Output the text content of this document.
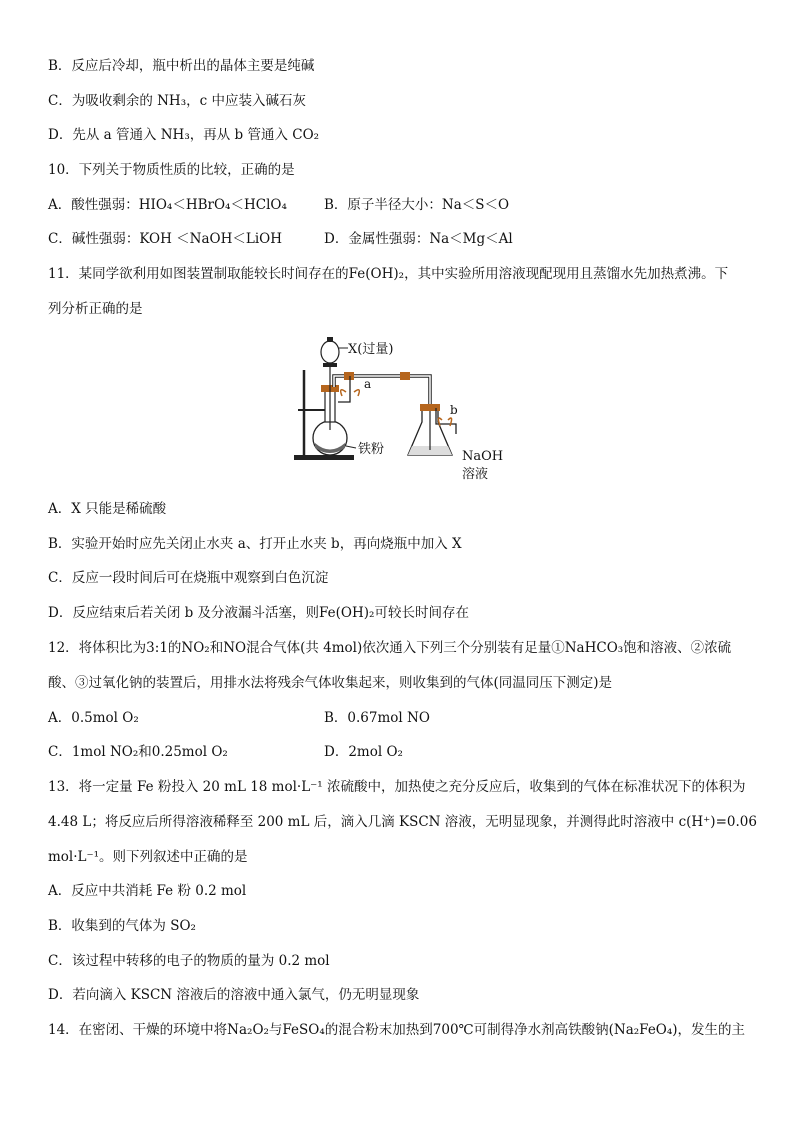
B．反应后冷却，瓶中析出的晶体主要是纯碱
C．为吸收剩余的 NH₃，c 中应装入碱石灰
D．先从 a 管通入 NH₃，再从 b 管通入 CO₂
10．下列关于物质性质的比较，正确的是
A．酸性强弱：HIO₄＜HBrO₄＜HClO₄	B．原子半径大小：Na＜S＜O
C．碱性强弱：KOH ＜NaOH＜LiOH	D．金属性强弱：Na＜Mg＜Al
11．某同学欲利用如图装置制取能较长时间存在的Fe(OH)₂，其中实验所用溶液现配现用且蒸馏水先加热煮沸。下
列分析正确的是
X(过量)
a
b
铁粉	NaOH
溶液
A．X 只能是稀硫酸
B．实验开始时应先关闭止水夹 a、打开止水夹 b，再向烧瓶中加入 X
C．反应一段时间后可在烧瓶中观察到白色沉淀
D．反应结束后若关闭 b 及分液漏斗活塞，则Fe(OH)₂可较长时间存在
12．将体积比为3:1的NO₂和NO混合气体(共 4mol)依次通入下列三个分别装有足量①NaHCO₃饱和溶液、②浓硫
酸、③过氧化钠的装置后，用排水法将残余气体收集起来，则收集到的气体(同温同压下测定)是
A．0.5mol O₂	B．0.67mol NO
C．1mol NO₂和0.25mol O₂	D．2mol O₂
13．将一定量 Fe 粉投入 20 mL 18 mol·L⁻¹ 浓硫酸中，加热使之充分反应后，收集到的气体在标准状况下的体积为
4.48 L；将反应后所得溶液稀释至 200 mL 后，滴入几滴 KSCN 溶液，无明显现象，并测得此时溶液中 c(H⁺)=0.06
mol·L⁻¹。则下列叙述中正确的是
A．反应中共消耗 Fe 粉 0.2 mol
B．收集到的气体为 SO₂
C．该过程中转移的电子的物质的量为 0.2 mol
D．若向滴入 KSCN 溶液后的溶液中通入氯气，仍无明显现象
14．在密闭、干燥的环境中将Na₂O₂与FeSO₄的混合粉末加热到700℃可制得净水剂高铁酸钠(Na₂FeO₄)，发生的主
